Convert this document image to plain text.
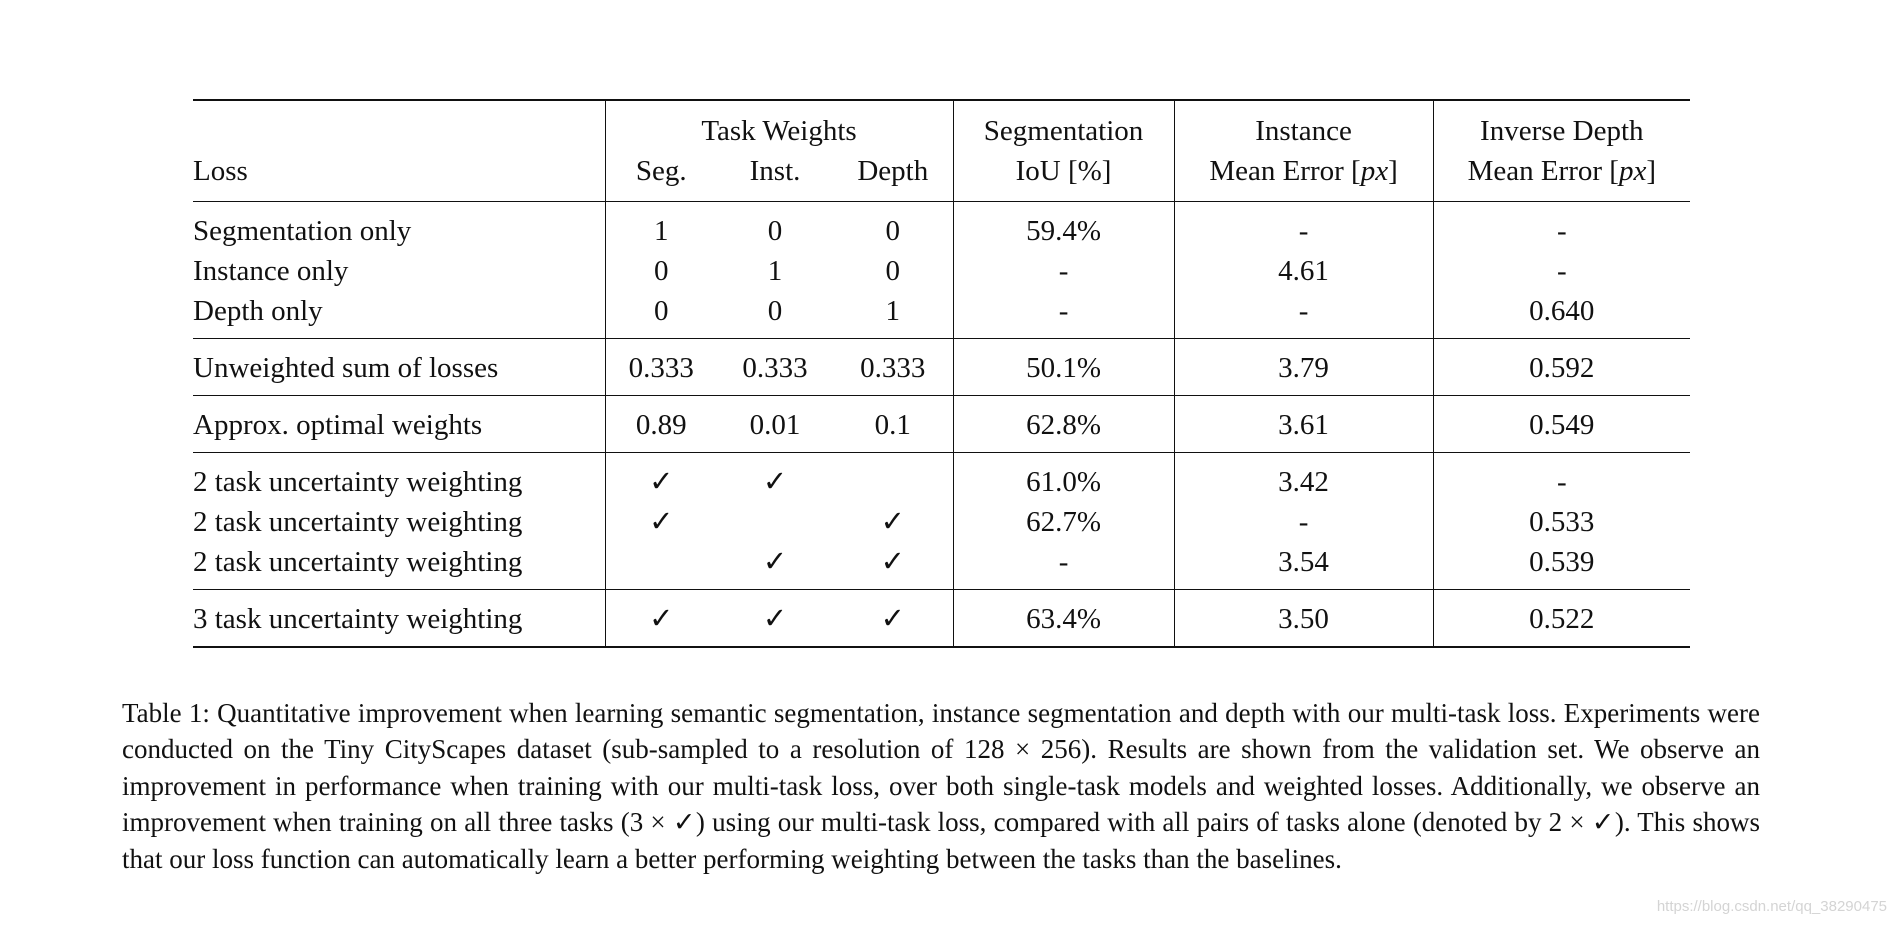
	Task Weights			Segmentation	Instance	Inverse Depth
Loss	Seg.	Inst.	Depth	IoU [%]	Mean Error [px]	Mean Error [px]
Segmentation only	1	0	0	59.4%	-	-
Instance only	0	1	0	-	4.61	-
Depth only	0	0	1	-	-	0.640
Unweighted sum of losses	0.333	0.333	0.333	50.1%	3.79	0.592
Approx. optimal weights	0.89	0.01	0.1	62.8%	3.61	0.549
2 task uncertainty weighting	✓	✓		61.0%	3.42	-
2 task uncertainty weighting	✓		✓	62.7%	-	0.533
2 task uncertainty weighting		✓	✓	-	3.54	0.539
3 task uncertainty weighting	✓	✓	✓	63.4%	3.50	0.522

Table 1: Quantitative improvement when learning semantic segmentation, instance segmentation and depth with our multi-task loss. Experiments were conducted on the Tiny CityScapes dataset (sub-sampled to a resolution of 128 × 256). Results are shown from the validation set. We observe an improvement in performance when training with our multi-task loss, over both single-task models and weighted losses. Additionally, we observe an improvement when training on all three tasks (3 × ✓) using our multi-task loss, compared with all pairs of tasks alone (denoted by 2 × ✓). This shows that our loss function can automatically learn a better performing weighting between the tasks than the baselines.

https://blog.csdn.net/qq_38290475
